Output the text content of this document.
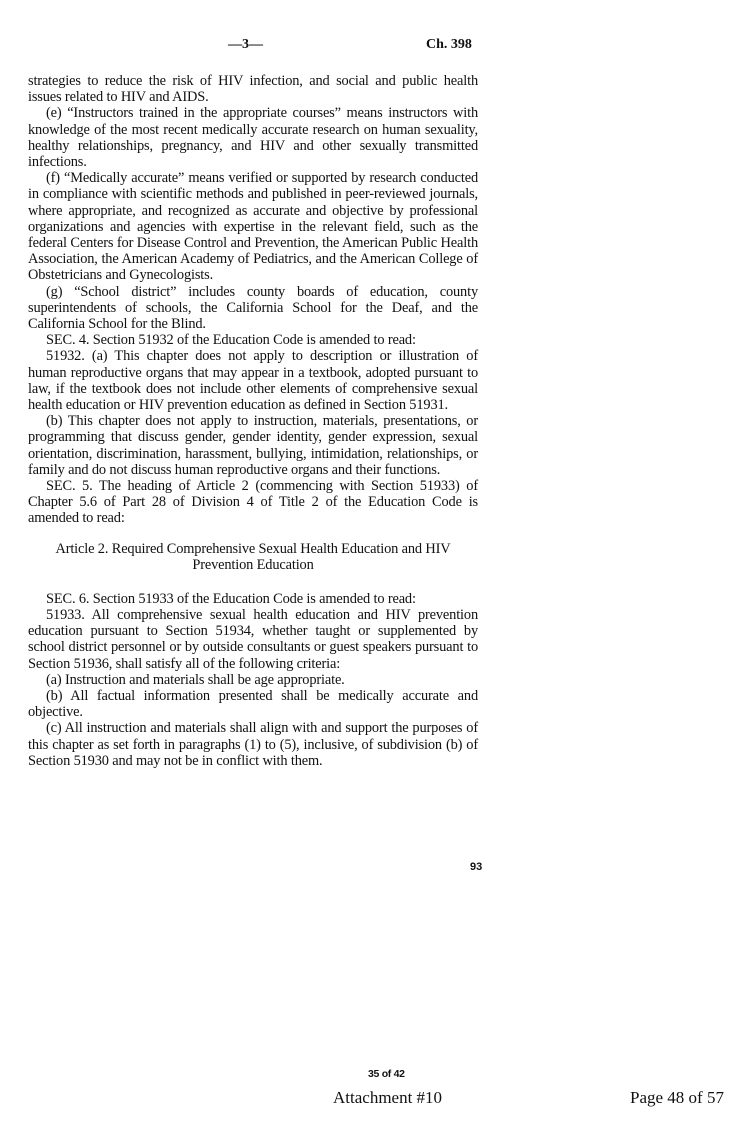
—3—	Ch. 398

strategies to reduce the risk of HIV infection, and social and public health issues related to HIV and AIDS.

(e) “Instructors trained in the appropriate courses” means instructors with knowledge of the most recent medically accurate research on human sexuality, healthy relationships, pregnancy, and HIV and other sexually transmitted infections.

(f) “Medically accurate” means verified or supported by research conducted in compliance with scientific methods and published in peer-reviewed journals, where appropriate, and recognized as accurate and objective by professional organizations and agencies with expertise in the relevant field, such as the federal Centers for Disease Control and Prevention, the American Public Health Association, the American Academy of Pediatrics, and the American College of Obstetricians and Gynecologists.

(g) “School district” includes county boards of education, county superintendents of schools, the California School for the Deaf, and the California School for the Blind.

SEC. 4. Section 51932 of the Education Code is amended to read:

51932. (a) This chapter does not apply to description or illustration of human reproductive organs that may appear in a textbook, adopted pursuant to law, if the textbook does not include other elements of comprehensive sexual health education or HIV prevention education as defined in Section 51931.

(b) This chapter does not apply to instruction, materials, presentations, or programming that discuss gender, gender identity, gender expression, sexual orientation, discrimination, harassment, bullying, intimidation, relationships, or family and do not discuss human reproductive organs and their functions.

SEC. 5. The heading of Article 2 (commencing with Section 51933) of Chapter 5.6 of Part 28 of Division 4 of Title 2 of the Education Code is amended to read:

Article 2. Required Comprehensive Sexual Health Education and HIV
Prevention Education

SEC. 6. Section 51933 of the Education Code is amended to read:

51933. All comprehensive sexual health education and HIV prevention education pursuant to Section 51934, whether taught or supplemented by school district personnel or by outside consultants or guest speakers pursuant to Section 51936, shall satisfy all of the following criteria:

(a) Instruction and materials shall be age appropriate.

(b) All factual information presented shall be medically accurate and objective.

(c) All instruction and materials shall align with and support the purposes of this chapter as set forth in paragraphs (1) to (5), inclusive, of subdivision (b) of Section 51930 and may not be in conflict with them.

93
35 of 42
Attachment #10	Page 48 of 57
